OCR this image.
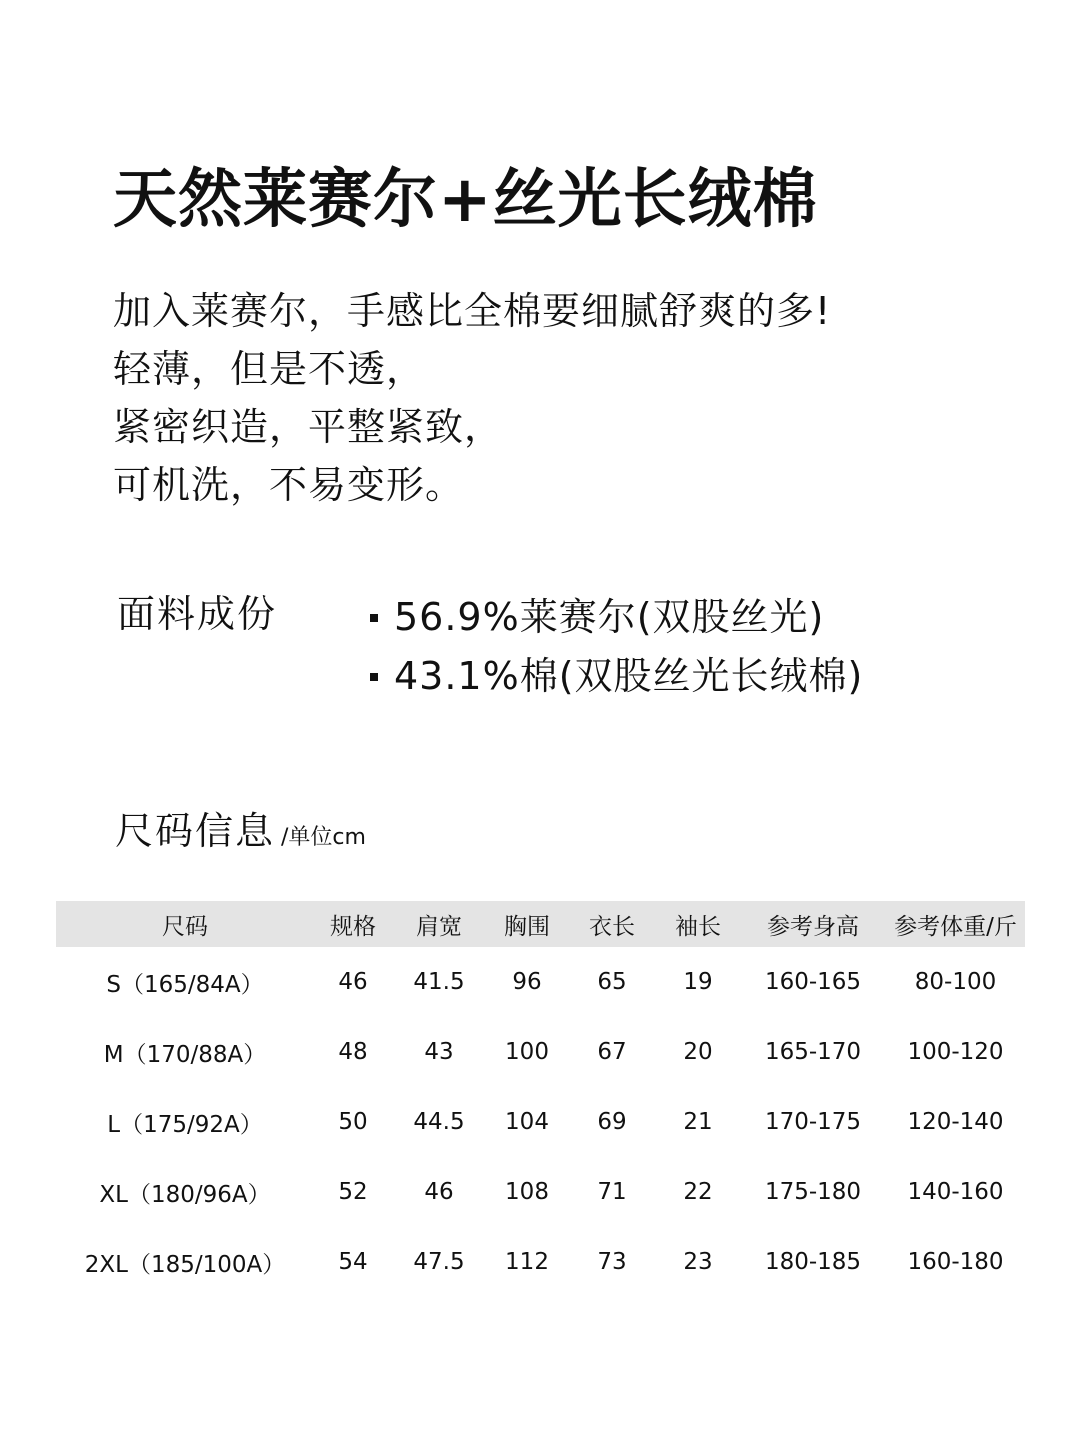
天然莱赛尔+丝光长绒棉
加入莱赛尔，手感比全棉要细腻舒爽的多!
轻薄，但是不透，
紧密织造，平整紧致，
可机洗，不易变形。
面料成份	56.9%莱赛尔(双股丝光)
43.1%棉(双股丝光长绒棉)
尺码信息 /单位cm
尺码	规格	肩宽	胸围	衣长	袖长	参考身高	参考体重/斤
S（165/84A）	46	41.5	96	65	19	160-165	80-100
M（170/88A）	48	43	100	67	20	165-170	100-120
L（175/92A）	50	44.5	104	69	21	170-175	120-140
XL（180/96A）	52	46	108	71	22	175-180	140-160
2XL（185/100A）	54	47.5	112	73	23	180-185	160-180
